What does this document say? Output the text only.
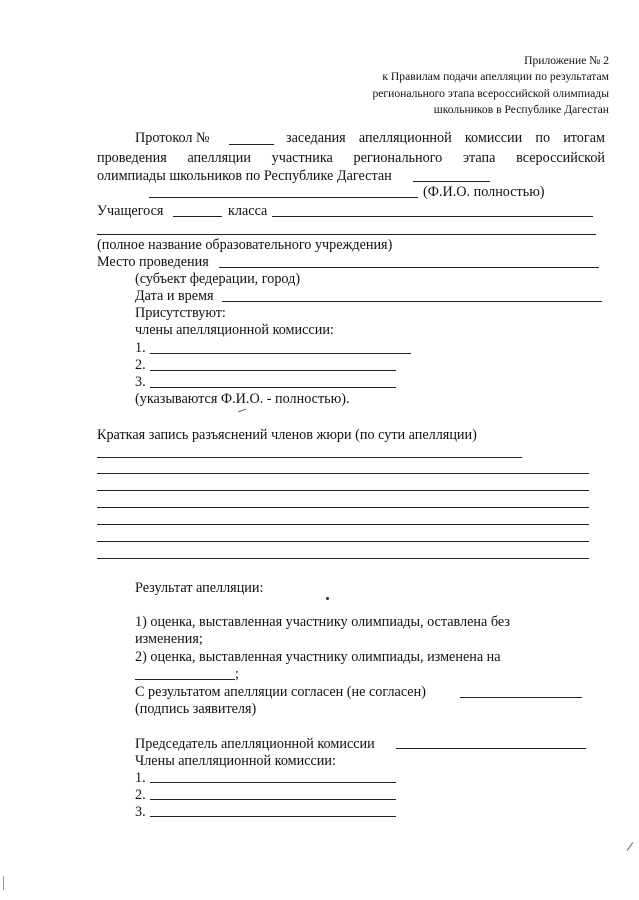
Приложение № 2
к Правилам подачи апелляции по результатам
регионального этапа всероссийской олимпиады
школьников в Республике Дагестан
Протокол №	заседания апелляционной комиссии по итогам
проведения апелляции участника регионального этапа всероссийской
олимпиады школьников по Республике Дагестан
(Ф.И.О. полностью)
Учащегося	класса
(полное название образовательного учреждения)
Место проведения
(субъект федерации, город)
Дата и время
Присутствуют:
члены апелляционной комиссии:
1.
2.
3.
(указываются Ф.И.О. - полностью).
Краткая запись разъяснений членов жюри (по сути апелляции)
Результат апелляции:
1) оценка, выставленная участнику олимпиады, оставлена без
изменения;
2) оценка, выставленная участнику олимпиады, изменена на
;
С результатом апелляции согласен (не согласен)
(подпись заявителя)
Председатель апелляционной комиссии
Члены апелляционной комиссии:
1.
2.
3.
